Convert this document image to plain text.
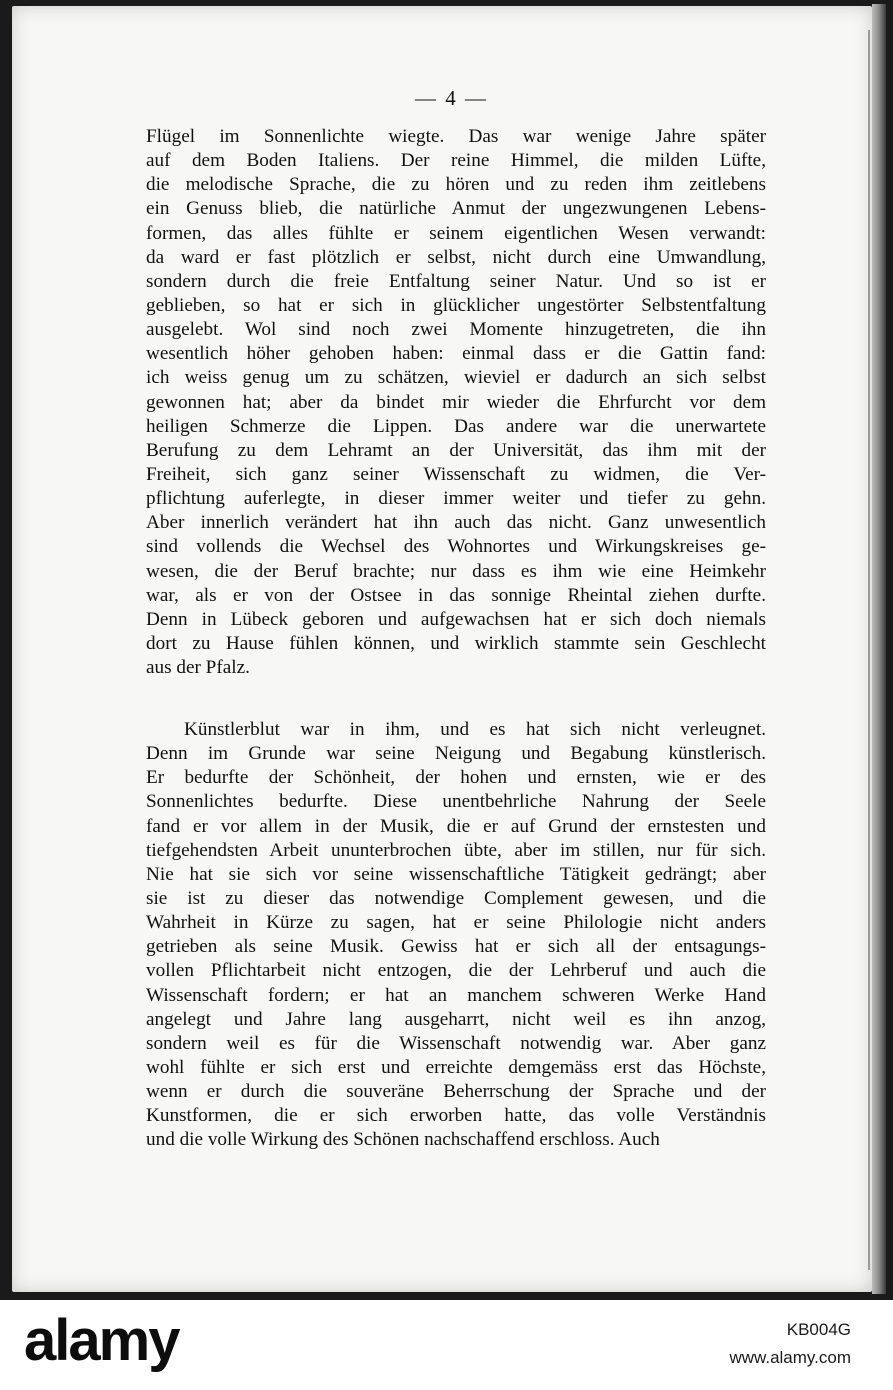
— 4 —
Flügel im Sonnenlichte wiegte. Das war wenige Jahre später
auf dem Boden Italiens. Der reine Himmel, die milden Lüfte,
die melodische Sprache, die zu hören und zu reden ihm zeitlebens
ein Genuss blieb, die natürliche Anmut der ungezwungenen Lebens-
formen, das alles fühlte er seinem eigentlichen Wesen verwandt:
da ward er fast plötzlich er selbst, nicht durch eine Umwandlung,
sondern durch die freie Entfaltung seiner Natur. Und so ist er
geblieben, so hat er sich in glücklicher ungestörter Selbstentfaltung
ausgelebt. Wol sind noch zwei Momente hinzugetreten, die ihn
wesentlich höher gehoben haben: einmal dass er die Gattin fand:
ich weiss genug um zu schätzen, wieviel er dadurch an sich selbst
gewonnen hat; aber da bindet mir wieder die Ehrfurcht vor dem
heiligen Schmerze die Lippen. Das andere war die unerwartete
Berufung zu dem Lehramt an der Universität, das ihm mit der
Freiheit, sich ganz seiner Wissenschaft zu widmen, die Ver-
pflichtung auferlegte, in dieser immer weiter und tiefer zu gehn.
Aber innerlich verändert hat ihn auch das nicht. Ganz unwesentlich
sind vollends die Wechsel des Wohnortes und Wirkungskreises ge-
wesen, die der Beruf brachte; nur dass es ihm wie eine Heimkehr
war, als er von der Ostsee in das sonnige Rheintal ziehen durfte.
Denn in Lübeck geboren und aufgewachsen hat er sich doch niemals
dort zu Hause fühlen können, und wirklich stammte sein Geschlecht
aus der Pfalz.
Künstlerblut war in ihm, und es hat sich nicht verleugnet.
Denn im Grunde war seine Neigung und Begabung künstlerisch.
Er bedurfte der Schönheit, der hohen und ernsten, wie er des
Sonnenlichtes bedurfte. Diese unentbehrliche Nahrung der Seele
fand er vor allem in der Musik, die er auf Grund der ernstesten und
tiefgehendsten Arbeit ununterbrochen übte, aber im stillen, nur für sich.
Nie hat sie sich vor seine wissenschaftliche Tätigkeit gedrängt; aber
sie ist zu dieser das notwendige Complement gewesen, und die
Wahrheit in Kürze zu sagen, hat er seine Philologie nicht anders
getrieben als seine Musik. Gewiss hat er sich all der entsagungs-
vollen Pflichtarbeit nicht entzogen, die der Lehrberuf und auch die
Wissenschaft fordern; er hat an manchem schweren Werke Hand
angelegt und Jahre lang ausgeharrt, nicht weil es ihn anzog,
sondern weil es für die Wissenschaft notwendig war. Aber ganz
wohl fühlte er sich erst und erreichte demgemäss erst das Höchste,
wenn er durch die souveräne Beherrschung der Sprache und der
Kunstformen, die er sich erworben hatte, das volle Verständnis
und die volle Wirkung des Schönen nachschaffend erschloss. Auch
alamy	KB004G
www.alamy.com
